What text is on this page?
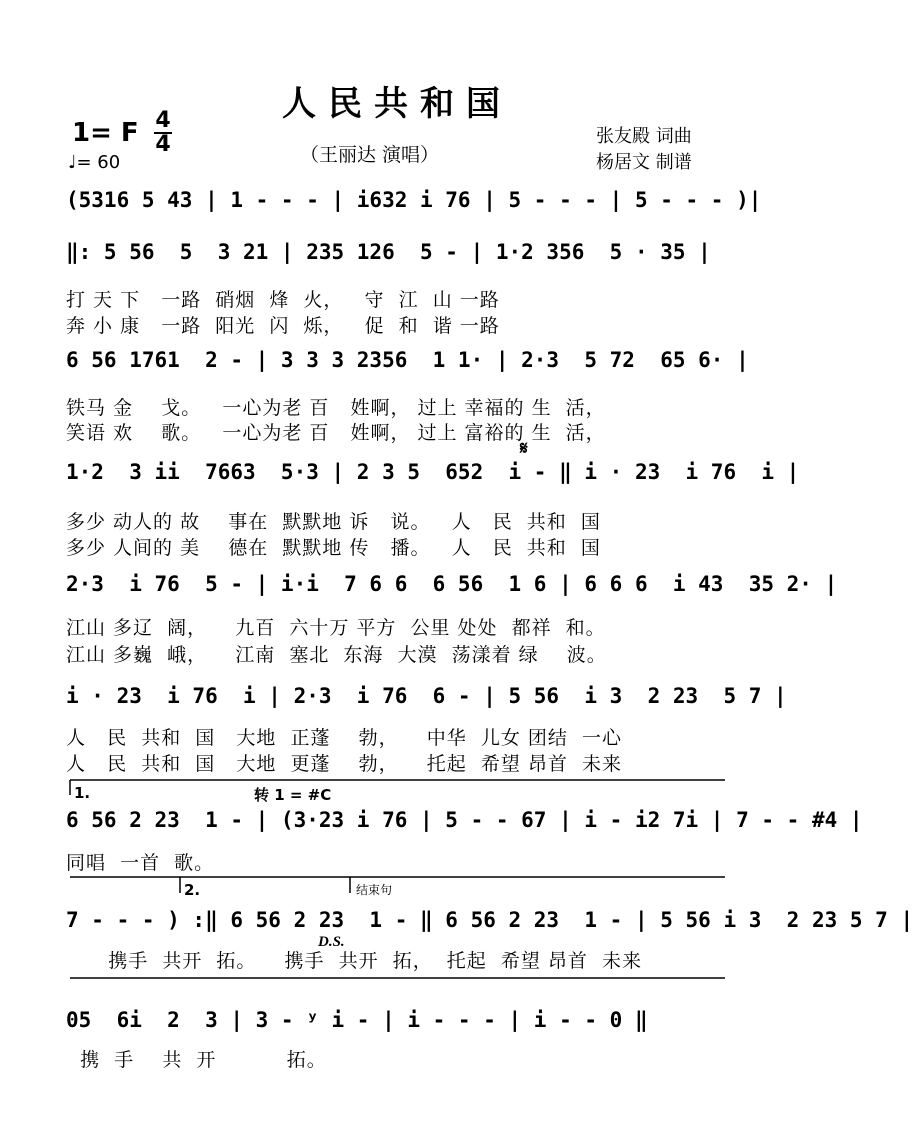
人民共和国
1= F 4
4
♩= 60	（王丽达 演唱）
张友殿 词曲
杨居文 制谱
(5316 5 43 | 1 - - - | i632 i 76 | 5 - - - | 5 - - - )|
‖: 5 56  5  3 21 | 235 126  5 - | 1·2 356  5 · 35 |
打 天 下   一路  硝烟  烽  火，   守  江  山 一路
奔 小 康   一路  阳光  闪  烁，   促  和  谐 一路
6 56 1761  2 - | 3 3 3 2356  1 1· | 2·3  5 72  65 6· |
铁马 金    戈。   一心为老 百   姓啊， 过上 幸福的 生  活，
笑语 欢    歌。   一心为老 百   姓啊， 过上 富裕的 生  活，
𝄋
1·2  3 ii  7663  5·3 | 2 3 5  652  i - ‖ i · 23  i 76  i |
多少 动人的 故    事在  默默地 诉   说。   人   民  共和  国
多少 人间的 美    德在  默默地 传   播。   人   民  共和  国
2·3  i 76  5 - | i·i  7 6 6  6 56  1 6 | 6 6 6  i 43  35 2· |
江山 多辽  阔，    九百  六十万 平方  公里 处处  都祥  和。
江山 多巍  峨，    江南  塞北  东海  大漠  荡漾着 绿    波。
i · 23  i 76  i | 2·3  i 76  6 - | 5 56  i 3  2 23  5 7 |
人   民  共和  国   大地  正蓬    勃，    中华  儿女 团结  一心
人   民  共和  国   大地  更蓬    勃，    托起  希望 昂首  未来
1.	转 1 = #C
6 56 2 23  1 - | (3·23 i 76 | 5 - - 67 | i - i2 7i | 7 - - #4 |
同唱  一首  歌。
2.	结束句
7 - - - ) :‖ 6 56 2 23  1 - ‖ 6 56 2 23  1 - | 5 56 i 3  2 23 5 7 |
D.S.
携手  共开  拓。    携手  共开  拓，  托起  希望 昂首  未来
05  6i  2  3 | 3 - ʸ i - | i - - - | i - - 0 ‖
携  手    共  开          拓。
